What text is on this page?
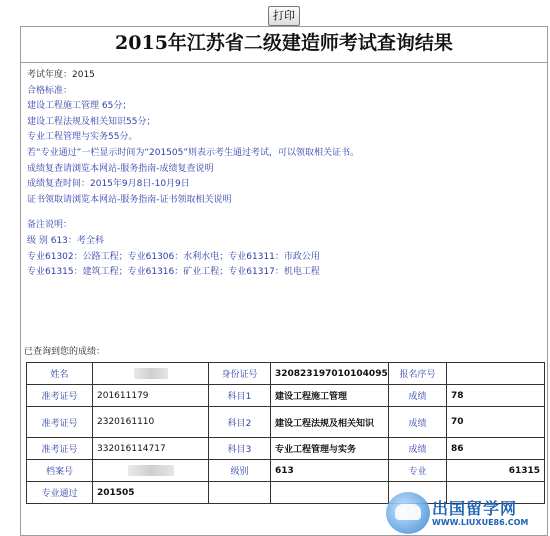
打印
2015年江苏省二级建造师考试查询结果
考试年度：2015
合格标准：
建设工程施工管理 65分；
建设工程法规及相关知识55分；
专业工程管理与实务55分。
若“专业通过”一栏显示时间为“201505”则表示考生通过考试，可以领取相关证书。
成绩复查请浏览本网站-服务指南-成绩复查说明
成绩复查时间：2015年9月8日-10月9日
证书领取请浏览本网站-服务指南-证书领取相关说明
备注说明：
级 别 613：考全科
专业61302：公路工程；专业61306：水利水电；专业61311：市政公用
专业61315：建筑工程；专业61316：矿业工程；专业61317：机电工程
已查询到您的成绩：
姓名		身份证号	320823197010104095	报名序号	
准考证号	201611179	科目1	建设工程施工管理	成绩	78
准考证号	2320161110	科目2	建设工程法规及相关知识	成绩	70
准考证号	332016114717	科目3	专业工程管理与实务	成绩	86
档案号		级别	613	专业	61315
专业通过	201505				
出国留学网
WWW.LIUXUE86.COM
